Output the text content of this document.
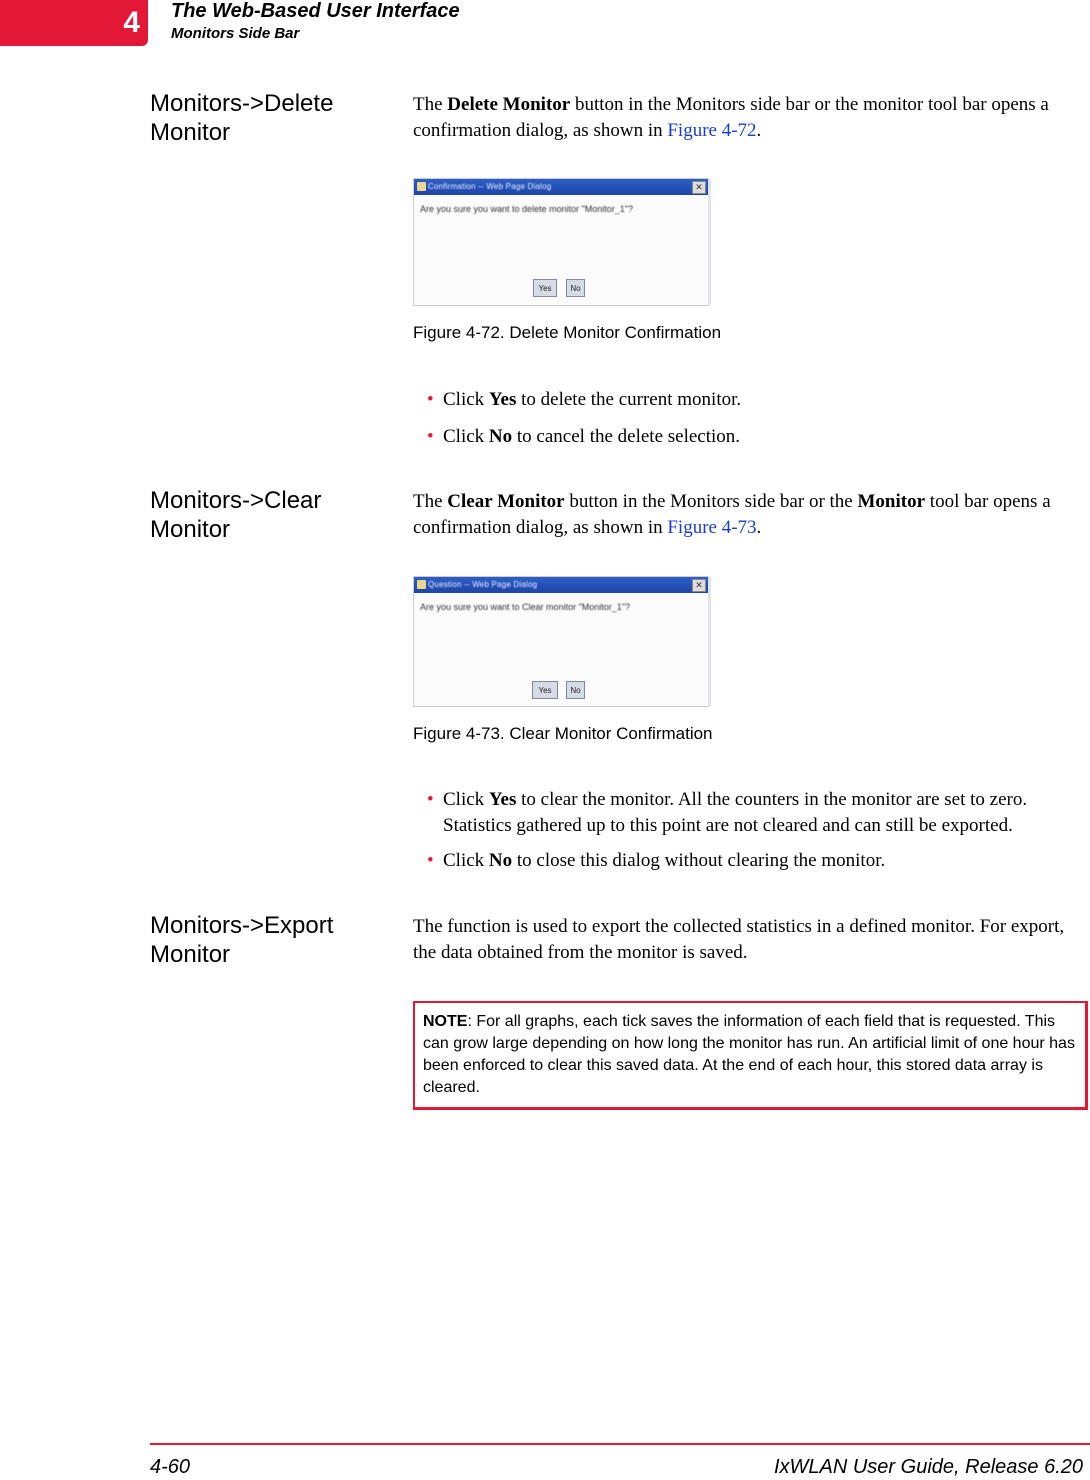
4 The Web-Based User Interface
Monitors Side Bar
Monitors->Delete
Monitor
The Delete Monitor button in the Monitors side bar or the monitor tool bar opens a confirmation dialog, as shown in Figure 4-72.
Confirmation -- Web Page Dialog	✕
Are you sure you want to delete monitor "Monitor_1"?
Yes	No
Figure 4-72. Delete Monitor Confirmation
• Click Yes to delete the current monitor.
• Click No to cancel the delete selection.
Monitors->Clear
Monitor
The Clear Monitor button in the Monitors side bar or the Monitor tool bar opens a confirmation dialog, as shown in Figure 4-73.
Question -- Web Page Dialog	✕
Are you sure you want to Clear monitor "Monitor_1"?
Yes	No
Figure 4-73. Clear Monitor Confirmation
• Click Yes to clear the monitor. All the counters in the monitor are set to zero. Statistics gathered up to this point are not cleared and can still be exported.
• Click No to close this dialog without clearing the monitor.
Monitors->Export
Monitor
The function is used to export the collected statistics in a defined monitor. For export, the data obtained from the monitor is saved.
NOTE: For all graphs, each tick saves the information of each field that is requested. This can grow large depending on how long the monitor has run. An artificial limit of one hour has been enforced to clear this saved data. At the end of each hour, this stored data array is cleared.
4-60	IxWLAN User Guide, Release 6.20
